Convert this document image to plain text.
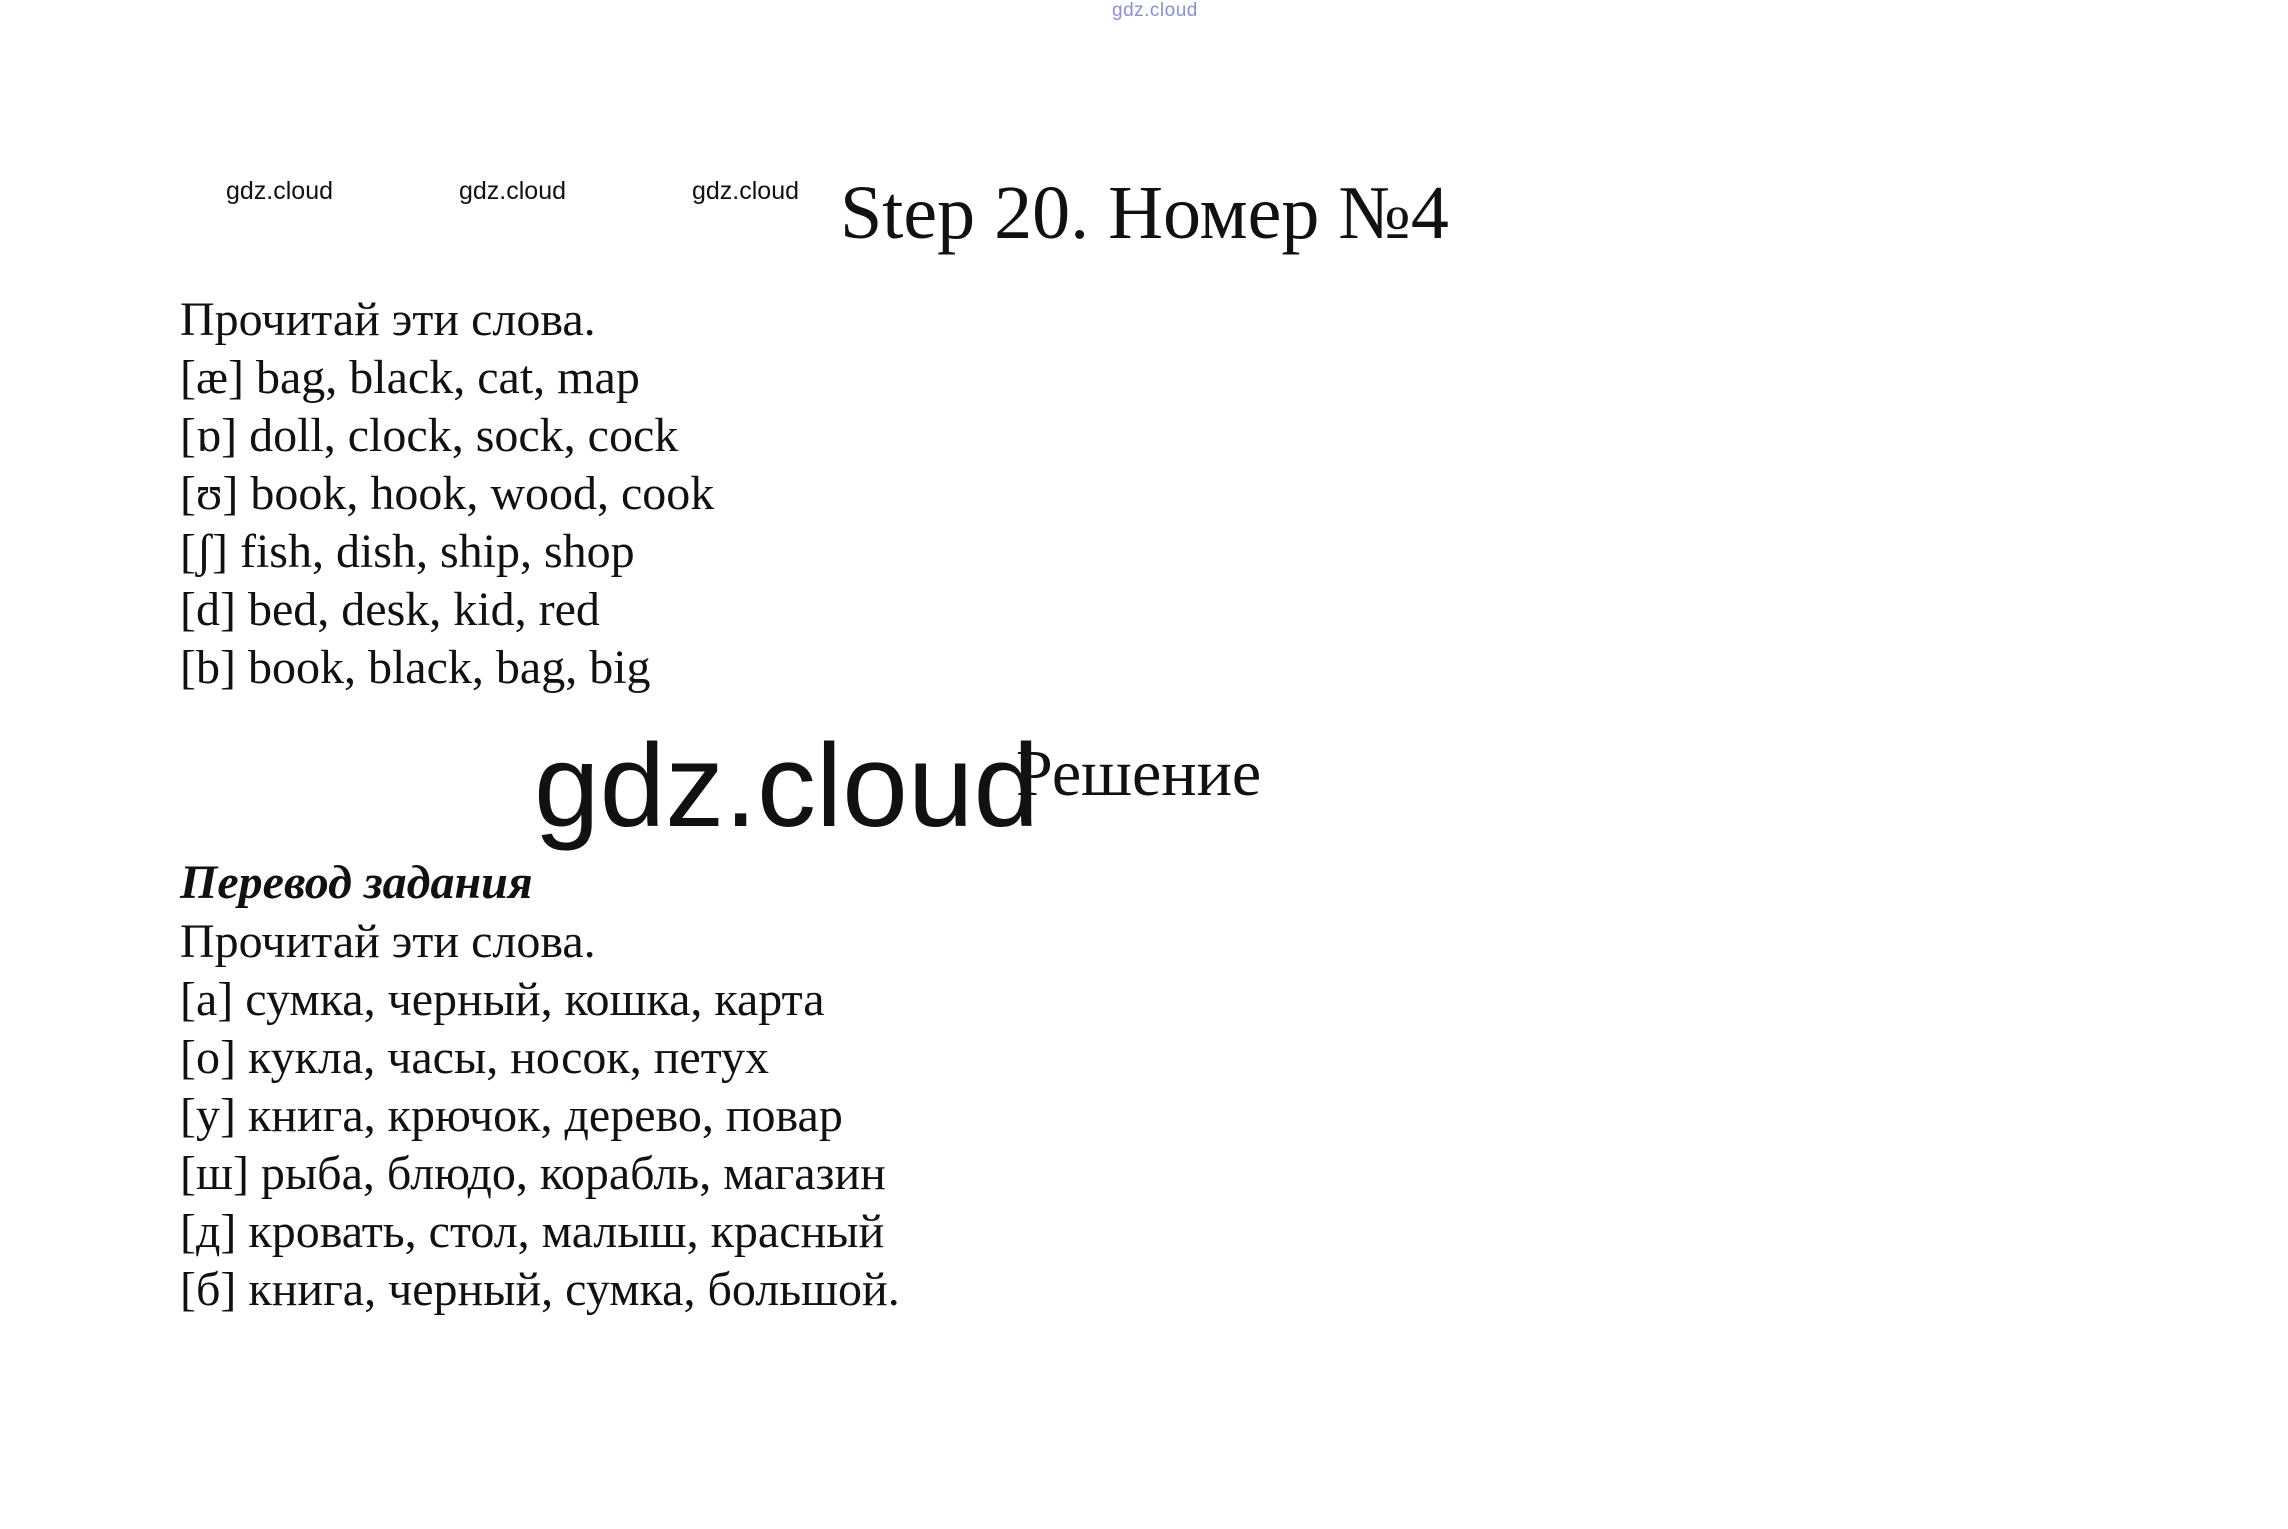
gdz.cloud
gdz.cloud	gdz.cloud	gdz.cloud Step 20. Номер №4
Прочитай эти слова.
[æ] bag, black, cat, map
[ɒ] doll, clock, sock, cock
[ʊ] book, hook, wood, cook
[ʃ] fish, dish, ship, shop
[d] bed, desk, kid, red
[b] book, black, bag, big
gdz.cloud
Решение
Перевод задания
Прочитай эти слова.
[а] сумка, черный, кошка, карта
[о] кукла, часы, носок, петух
[у] книга, крючок, дерево, повар
[ш] рыба, блюдо, корабль, магазин
[д] кровать, стол, малыш, красный
[б] книга, черный, сумка, большой.
